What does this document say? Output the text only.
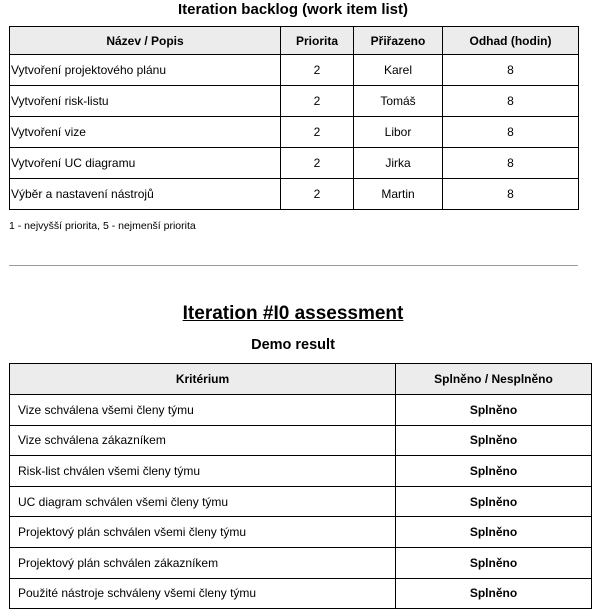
Iteration backlog (work item list)
Název / Popis	Priorita	Přiřazeno	Odhad (hodin)
Vytvoření projektového plánu	2	Karel	8
Vytvoření risk-listu	2	Tomáš	8
Vytvoření vize	2	Libor	8
Vytvoření UC diagramu	2	Jirka	8
Výběr a nastavení nástrojů	2	Martin	8
1 - nejvyšší priorita, 5 - nejmenší priorita
Iteration #I0 assessment
Demo result
Kritérium	Splněno / Nesplněno
Vize schválena všemi členy týmu	Splněno
Vize schválena zákazníkem	Splněno
Risk-list chválen všemi členy týmu	Splněno
UC diagram schválen všemi členy týmu	Splněno
Projektový plán schválen všemi členy týmu	Splněno
Projektový plán schválen zákazníkem	Splněno
Použité nástroje schváleny všemi členy týmu	Splněno
